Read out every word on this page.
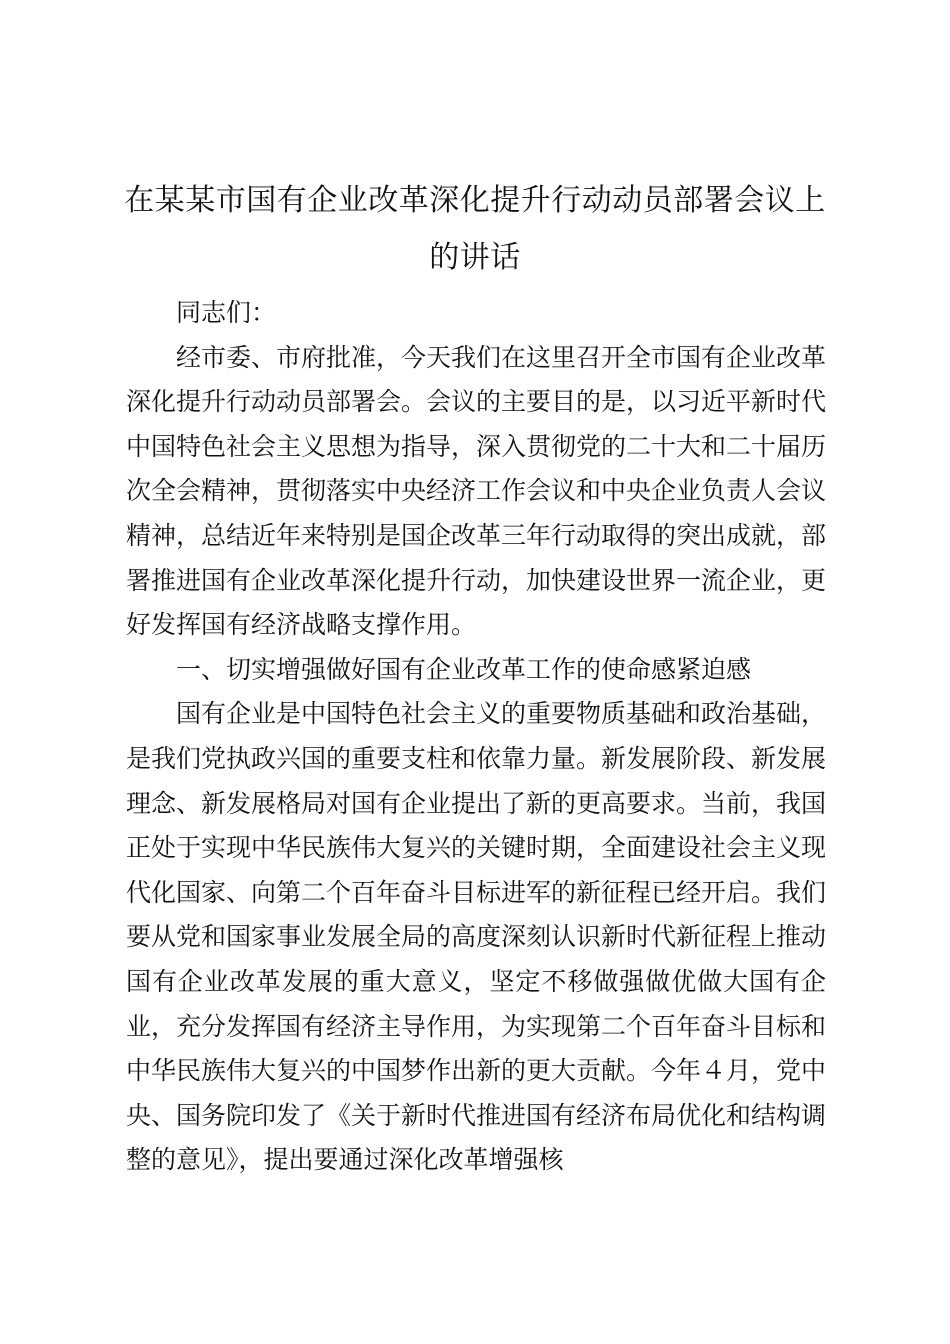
在某某市国有企业改革深化提升行动动员部署会议上的讲话

同志们：

经市委、市府批准，今天我们在这里召开全市国有企业改革深化提升行动动员部署会。会议的主要目的是，以习近平新时代中国特色社会主义思想为指导，深入贯彻党的二十大和二十届历次全会精神，贯彻落实中央经济工作会议和中央企业负责人会议精神，总结近年来特别是国企改革三年行动取得的突出成就，部署推进国有企业改革深化提升行动，加快建设世界一流企业，更好发挥国有经济战略支撑作用。

一、切实增强做好国有企业改革工作的使命感紧迫感

国有企业是中国特色社会主义的重要物质基础和政治基础，是我们党执政兴国的重要支柱和依靠力量。新发展阶段、新发展理念、新发展格局对国有企业提出了新的更高要求。当前，我国正处于实现中华民族伟大复兴的关键时期，全面建设社会主义现代化国家、向第二个百年奋斗目标进军的新征程已经开启。我们要从党和国家事业发展全局的高度深刻认识新时代新征程上推动国有企业改革发展的重大意义，坚定不移做强做优做大国有企业，充分发挥国有经济主导作用，为实现第二个百年奋斗目标和中华民族伟大复兴的中国梦作出新的更大贡献。今年４月，党中央、国务院印发了《关于新时代推进国有经济布局优化和结构调整的意见》，提出要通过深化改革增强核
